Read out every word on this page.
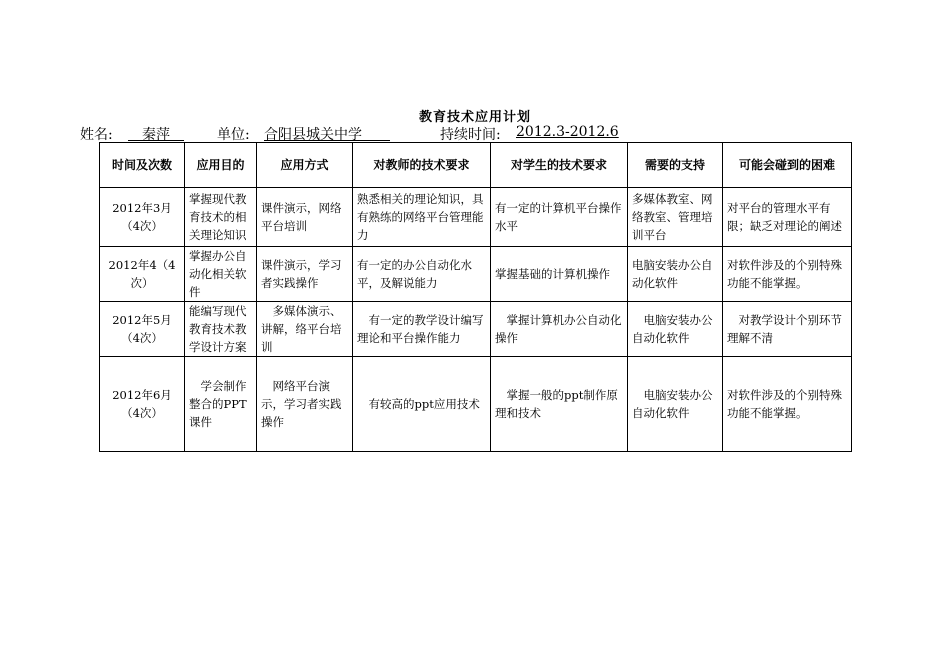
教育技术应用计划
姓名:
 	秦萍 	单位: 合阳县城关中学  	持续时间: 2012.3-2012.6
时间及次数	应用目的	应用方式	对教师的技术要求	对学生的技术要求	需要的支持	可能会碰到的困难
2012年3月（4次）	掌握现代教育技术的相关理论知识	课件演示，网络平台培训	熟悉相关的理论知识，具有熟练的网络平台管理能力	有一定的计算机平台操作水平	多媒体教室、网络教室、管理培训平台	对平台的管理水平有限；缺乏对理论的阐述
2012年4（4次）	掌握办公自动化相关软件	课件演示，学习者实践操作	有一定的办公自动化水平，及解说能力	掌握基础的计算机操作	电脑安装办公自动化软件	对软件涉及的个别特殊功能不能掌握。
2012年5月（4次）	能编写现代教育技术教学设计方案	　多媒体演示、讲解，络平台培训	　有一定的教学设计编写理论和平台操作能力	　掌握计算机办公自动化操作	　电脑安装办公自动化软件	　对教学设计个别环节理解不清
2012年6月（4次）	　学会制作整合的PPT课件	　网络平台演示，学习者实践操作	　有较高的ppt应用技术	　掌握一般的ppt制作原理和技术	　电脑安装办公自动化软件	对软件涉及的个别特殊功能不能掌握。
